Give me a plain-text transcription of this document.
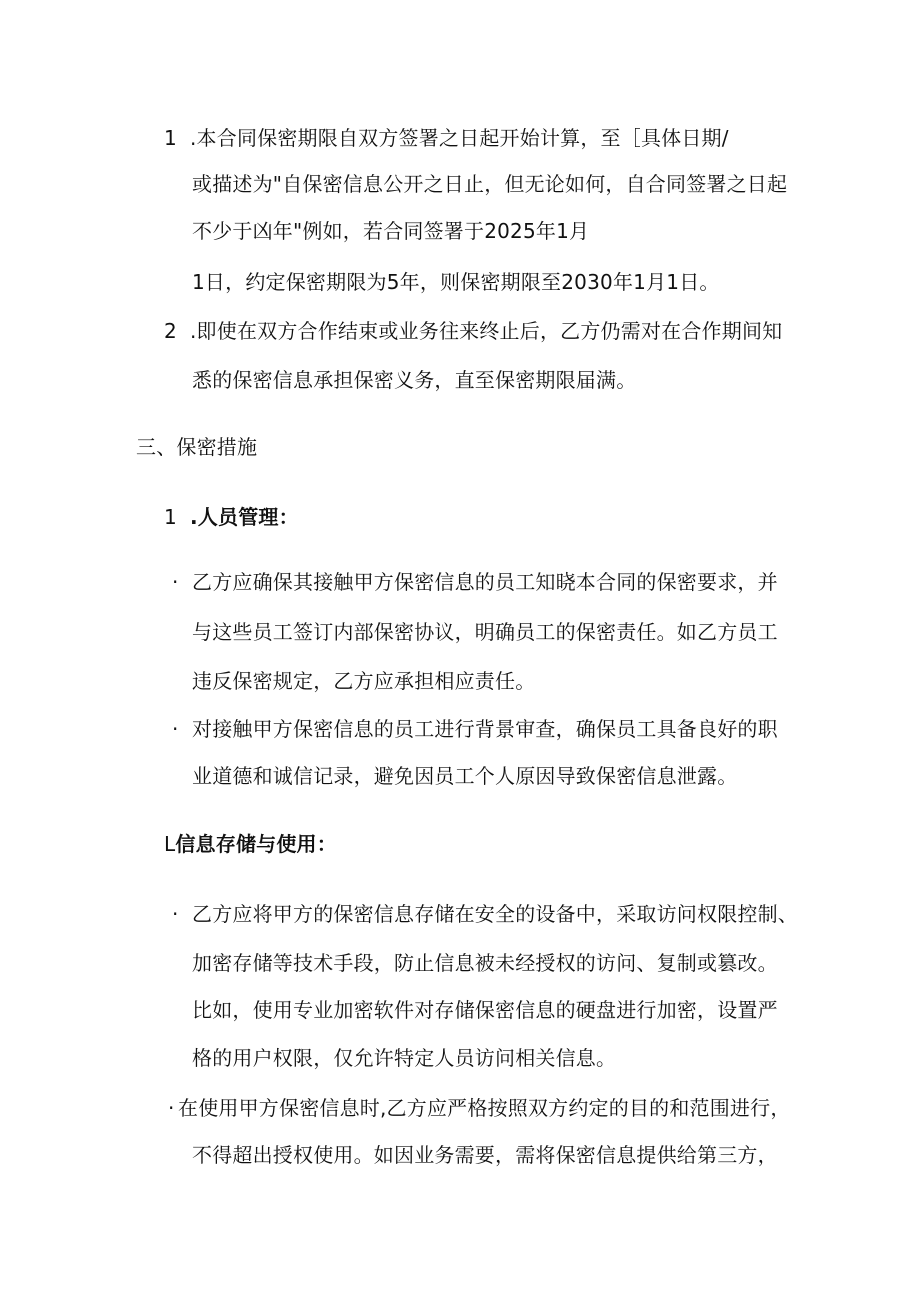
1 .本合同保密期限自双方签署之日起开始计算，至［具体日期/
或描述为"自保密信息公开之日止，但无论如何，自合同签署之日起
不少于凶年"例如，若合同签署于2025年1月
1日，约定保密期限为5年，则保密期限至2030年1月1日。
2 .即使在双方合作结束或业务往来终止后，乙方仍需对在合作期间知
悉的保密信息承担保密义务，直至保密期限届满。
三、保密措施
1 .人员管理：
· 乙方应确保其接触甲方保密信息的员工知晓本合同的保密要求，并
与这些员工签订内部保密协议，明确员工的保密责任。如乙方员工
违反保密规定，乙方应承担相应责任。
· 对接触甲方保密信息的员工进行背景审查，确保员工具备良好的职
业道德和诚信记录，避免因员工个人原因导致保密信息泄露。
L信息存储与使用：
· 乙方应将甲方的保密信息存储在安全的设备中，采取访问权限控制、
加密存储等技术手段，防止信息被未经授权的访问、复制或篡改。
比如，使用专业加密软件对存储保密信息的硬盘进行加密，设置严
格的用户权限，仅允许特定人员访问相关信息。
· 在使用甲方保密信息时,乙方应严格按照双方约定的目的和范围进行，
不得超出授权使用。如因业务需要，需将保密信息提供给第三方，
